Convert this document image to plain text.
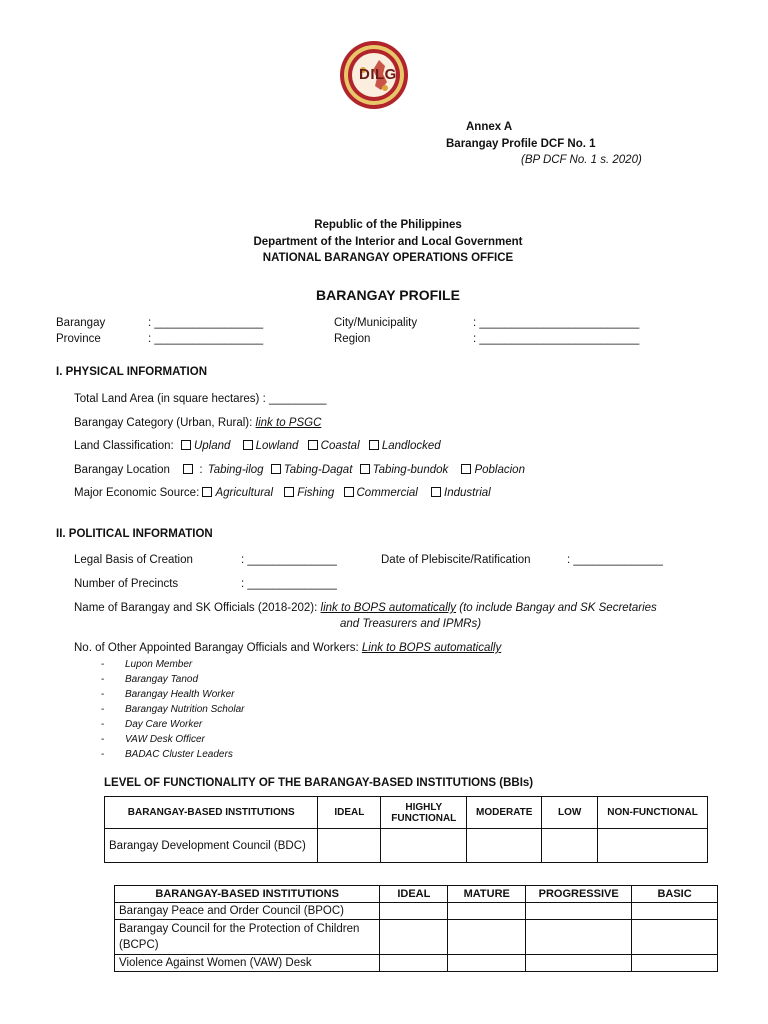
DILG
Annex A
Barangay Profile DCF No. 1
(BP DCF No. 1 s. 2020)
Republic of the Philippines
Department of the Interior and Local Government
NATIONAL BARANGAY OPERATIONS OFFICE
BARANGAY PROFILE
Barangay	: _________________
Province	: _________________
City/Municipality	: _________________________
Region	: _________________________
I. PHYSICAL INFORMATION
Total Land Area (in square hectares) : _________
Barangay Category (Urban, Rural): link to PSGC
Land Classification: Upland Lowland Coastal Landlocked
Barangay Location	: Tabing-ilog Tabing-Dagat Tabing-bundok Poblacion
Major Economic Source: Agricultural Fishing Commercial Industrial
II. POLITICAL INFORMATION
Legal Basis of Creation	: ______________	Date of Plebiscite/Ratification	: ______________
Number of Precincts	: ______________
Name of Barangay and SK Officials (2018-202): link to BOPS automatically (to include Bangay and SK Secretaries
and Treasurers and IPMRs)
No. of Other Appointed Barangay Officials and Workers: Link to BOPS automatically
- Lupon Member
- Barangay Tanod
- Barangay Health Worker
- Barangay Nutrition Scholar
- Day Care Worker
- VAW Desk Officer
- BADAC Cluster Leaders
LEVEL OF FUNCTIONALITY OF THE BARANGAY-BASED INSTITUTIONS (BBIs)
BARANGAY-BASED INSTITUTIONS	IDEAL	HIGHLY FUNCTIONAL	MODERATE	LOW	NON-FUNCTIONAL
Barangay Development Council (BDC)					
BARANGAY-BASED INSTITUTIONS	IDEAL	MATURE	PROGRESSIVE	BASIC
Barangay Peace and Order Council (BPOC)				
Barangay Council for the Protection of Children (BCPC)				
Violence Against Women (VAW) Desk				
